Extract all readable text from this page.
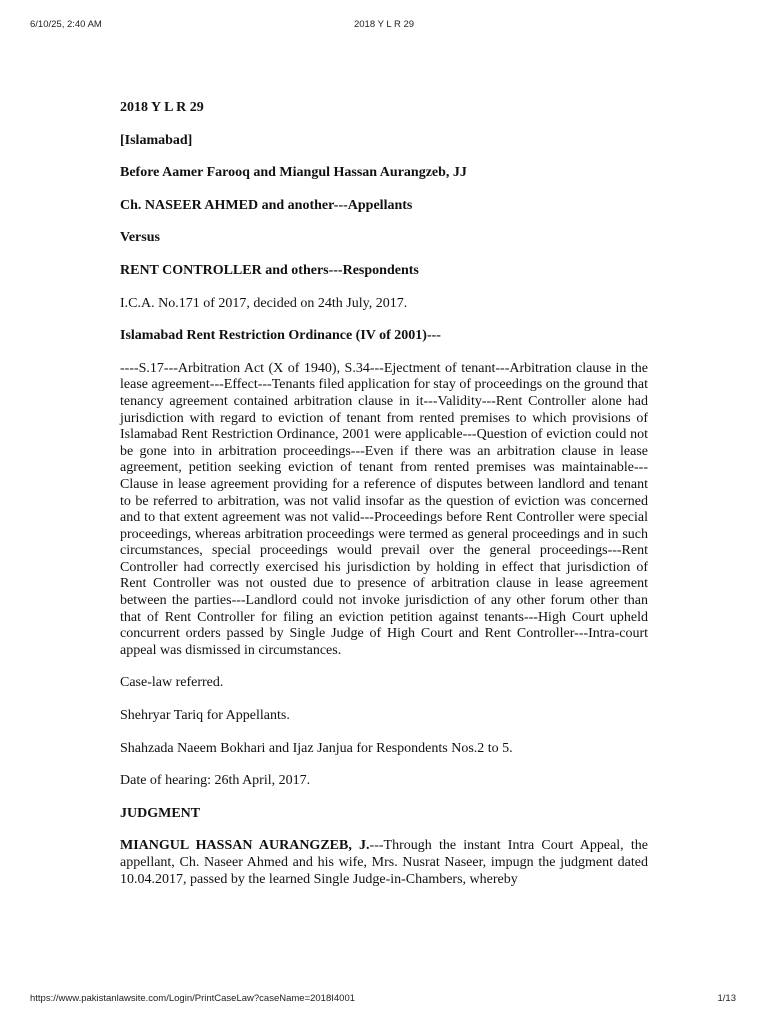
6/10/25, 2:40 AM	2018 Y L R 29

2018 Y L R 29

[Islamabad]

Before Aamer Farooq and Miangul Hassan Aurangzeb, JJ

Ch. NASEER AHMED and another---Appellants

Versus

RENT CONTROLLER and others---Respondents

I.C.A. No.171 of 2017, decided on 24th July, 2017.

Islamabad Rent Restriction Ordinance (IV of 2001)---

----S.17---Arbitration Act (X of 1940), S.34---Ejectment of tenant---Arbitration clause in the lease agreement---Effect---Tenants filed application for stay of proceedings on the ground that tenancy agreement contained arbitration clause in it---Validity---Rent Controller alone had jurisdiction with regard to eviction of tenant from rented premises to which provisions of Islamabad Rent Restriction Ordinance, 2001 were applicable---Question of eviction could not be gone into in arbitration proceedings---Even if there was an arbitration clause in lease agreement, petition seeking eviction of tenant from rented premises was maintainable---Clause in lease agreement providing for a reference of disputes between landlord and tenant to be referred to arbitration, was not valid insofar as the question of eviction was concerned and to that extent agreement was not valid---Proceedings before Rent Controller were special proceedings, whereas arbitration proceedings were termed as general proceedings and in such circumstances, special proceedings would prevail over the general proceedings---Rent Controller had correctly exercised his jurisdiction by holding in effect that jurisdiction of Rent Controller was not ousted due to presence of arbitration clause in lease agreement between the parties---Landlord could not invoke jurisdiction of any other forum other than that of Rent Controller for filing an eviction petition against tenants---High Court upheld concurrent orders passed by Single Judge of High Court and Rent Controller---Intra-court appeal was dismissed in circumstances.

Case-law referred.

Shehryar Tariq for Appellants.

Shahzada Naeem Bokhari and Ijaz Janjua for Respondents Nos.2 to 5.

Date of hearing: 26th April, 2017.

JUDGMENT

MIANGUL HASSAN AURANGZEB, J.---Through the instant Intra Court Appeal, the appellant, Ch. Naseer Ahmed and his wife, Mrs. Nusrat Naseer, impugn the judgment dated 10.04.2017, passed by the learned Single Judge-in-Chambers, whereby

https://www.pakistanlawsite.com/Login/PrintCaseLaw?caseName=2018I4001	1/13
